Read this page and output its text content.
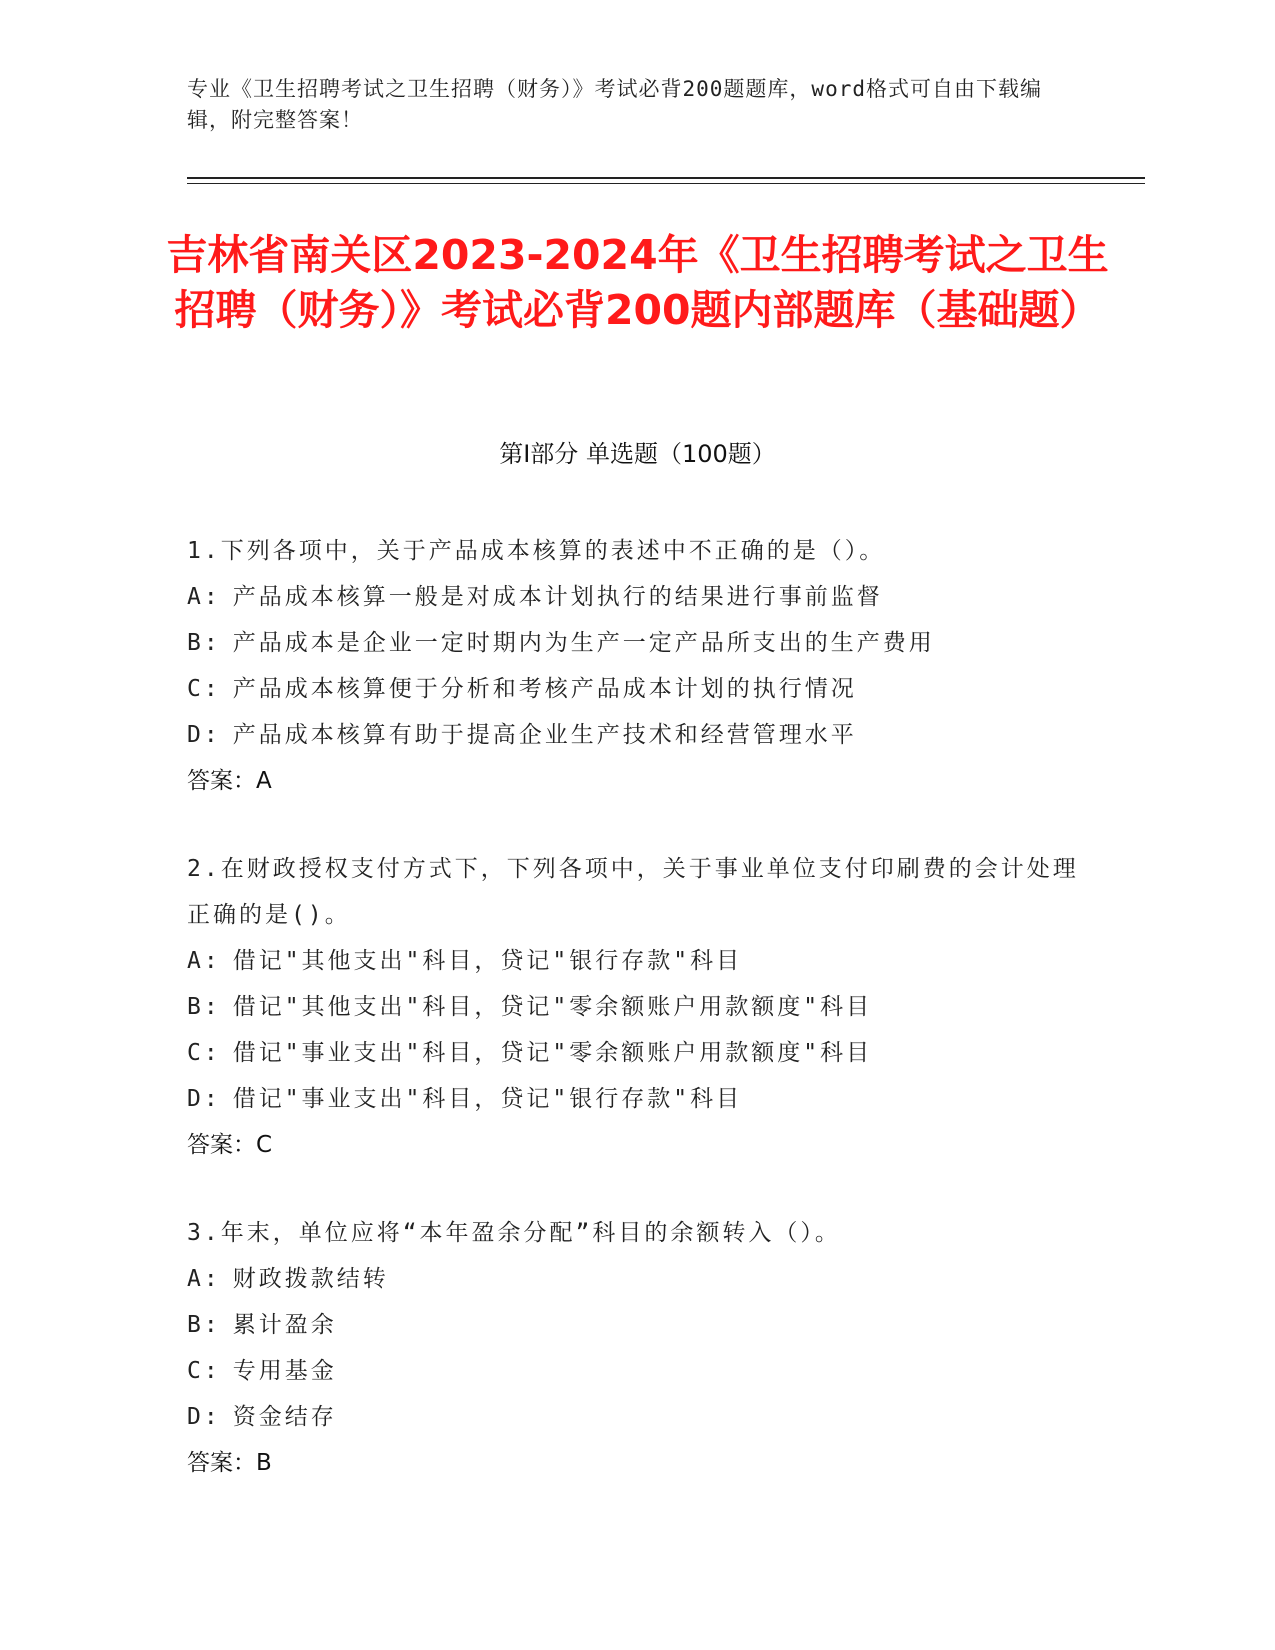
专业《卫生招聘考试之卫生招聘（财务）》考试必背200题题库，word格式可自由下载编辑，附完整答案！
吉林省南关区2023-2024年《卫生招聘考试之卫生招聘（财务）》考试必背200题内部题库（基础题）
第I部分 单选题（100题）
1.下列各项中，关于产品成本核算的表述中不正确的是（）。
A: 产品成本核算一般是对成本计划执行的结果进行事前监督
B: 产品成本是企业一定时期内为生产一定产品所支出的生产费用
C: 产品成本核算便于分析和考核产品成本计划的执行情况
D: 产品成本核算有助于提高企业生产技术和经营管理水平
答案：A
2.在财政授权支付方式下，下列各项中，关于事业单位支付印刷费的会计处理正确的是()。
A: 借记"其他支出"科目，贷记"银行存款"科目
B: 借记"其他支出"科目，贷记"零余额账户用款额度"科目
C: 借记"事业支出"科目，贷记"零余额账户用款额度"科目
D: 借记"事业支出"科目，贷记"银行存款"科目
答案：C
3.年末，单位应将“本年盈余分配”科目的余额转入（）。
A: 财政拨款结转
B: 累计盈余
C: 专用基金
D: 资金结存
答案：B
